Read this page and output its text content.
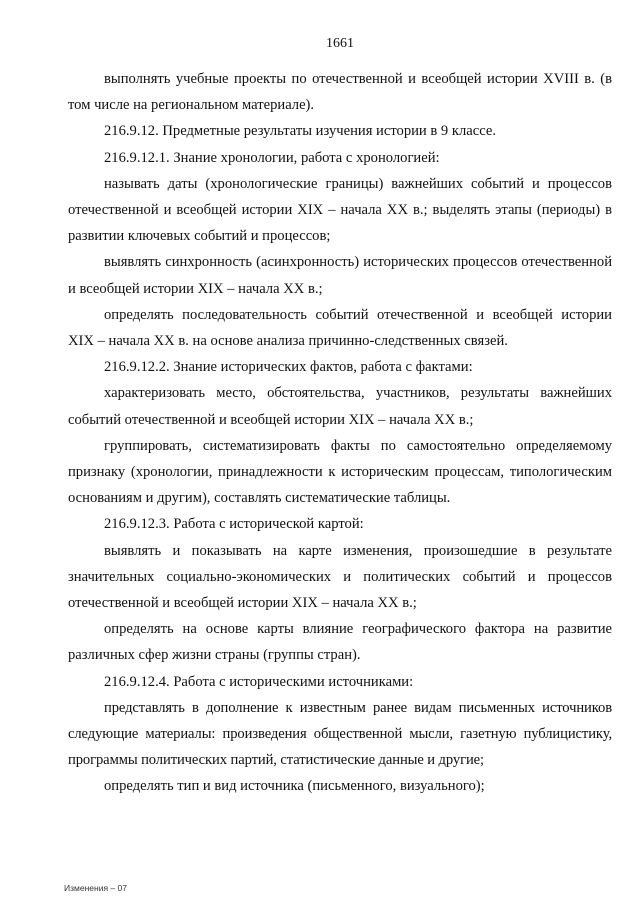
1661

выполнять учебные проекты по отечественной и всеобщей истории XVIII в. (в том числе на региональном материале).

216.9.12. Предметные результаты изучения истории в 9 классе.

216.9.12.1. Знание хронологии, работа с хронологией:

называть даты (хронологические границы) важнейших событий и процессов отечественной и всеобщей истории XIX – начала XX в.; выделять этапы (периоды) в развитии ключевых событий и процессов;

выявлять синхронность (асинхронность) исторических процессов отечественной и всеобщей истории XIX – начала XX в.;

определять последовательность событий отечественной и всеобщей истории XIX – начала XX в. на основе анализа причинно-следственных связей.

216.9.12.2. Знание исторических фактов, работа с фактами:

характеризовать место, обстоятельства, участников, результаты важнейших событий отечественной и всеобщей истории XIX – начала XX в.;

группировать, систематизировать факты по самостоятельно определяемому признаку (хронологии, принадлежности к историческим процессам, типологическим основаниям и другим), составлять систематические таблицы.

216.9.12.3. Работа с исторической картой:

выявлять и показывать на карте изменения, произошедшие в результате значительных социально-экономических и политических событий и процессов отечественной и всеобщей истории XIX – начала XX в.;

определять на основе карты влияние географического фактора на развитие различных сфер жизни страны (группы стран).

216.9.12.4. Работа с историческими источниками:

представлять в дополнение к известным ранее видам письменных источников следующие материалы: произведения общественной мысли, газетную публицистику, программы политических партий, статистические данные и другие;

определять тип и вид источника (письменного, визуального);

Изменения – 07
